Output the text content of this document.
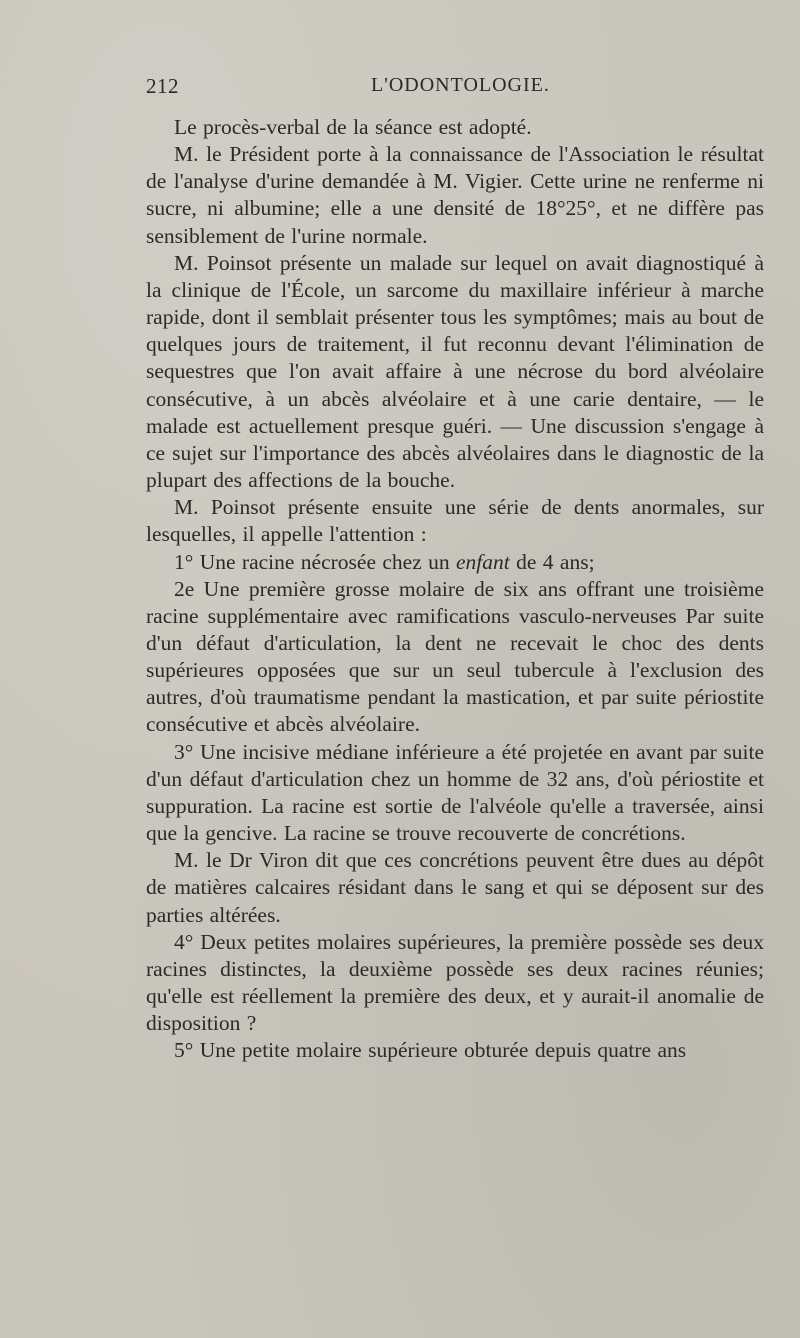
212	L'ODONTOLOGIE.

Le procès-verbal de la séance est adopté.

M. le Président porte à la connaissance de l'Association le résultat de l'analyse d'urine demandée à M. Vigier. Cette urine ne renferme ni sucre, ni albumine; elle a une densité de 18°25°, et ne diffère pas sensiblement de l'urine normale.

M. Poinsot présente un malade sur lequel on avait diagnostiqué à la clinique de l'École, un sarcome du maxillaire inférieur à marche rapide, dont il semblait présenter tous les symptômes; mais au bout de quelques jours de traitement, il fut reconnu devant l'élimination de sequestres que l'on avait affaire à une nécrose du bord alvéolaire consécutive, à un abcès alvéolaire et à une carie dentaire, — le malade est actuellement presque guéri. — Une discussion s'engage à ce sujet sur l'importance des abcès alvéolaires dans le diagnostic de la plupart des affections de la bouche.

M. Poinsot présente ensuite une série de dents anormales, sur lesquelles, il appelle l'attention :

1° Une racine nécrosée chez un enfant de 4 ans;

2e Une première grosse molaire de six ans offrant une troisième racine supplémentaire avec ramifications vasculo-nerveuses Par suite d'un défaut d'articulation, la dent ne recevait le choc des dents supérieures opposées que sur un seul tubercule à l'exclusion des autres, d'où traumatisme pendant la mastication, et par suite périostite consécutive et abcès alvéolaire.

3° Une incisive médiane inférieure a été projetée en avant par suite d'un défaut d'articulation chez un homme de 32 ans, d'où périostite et suppuration. La racine est sortie de l'alvéole qu'elle a traversée, ainsi que la gencive. La racine se trouve recouverte de concrétions.

M. le Dr Viron dit que ces concrétions peuvent être dues au dépôt de matières calcaires résidant dans le sang et qui se déposent sur des parties altérées.

4° Deux petites molaires supérieures, la première possède ses deux racines distinctes, la deuxième possède ses deux racines réunies; qu'elle est réellement la première des deux, et y aurait-il anomalie de disposition ?

5° Une petite molaire supérieure obturée depuis quatre ans
